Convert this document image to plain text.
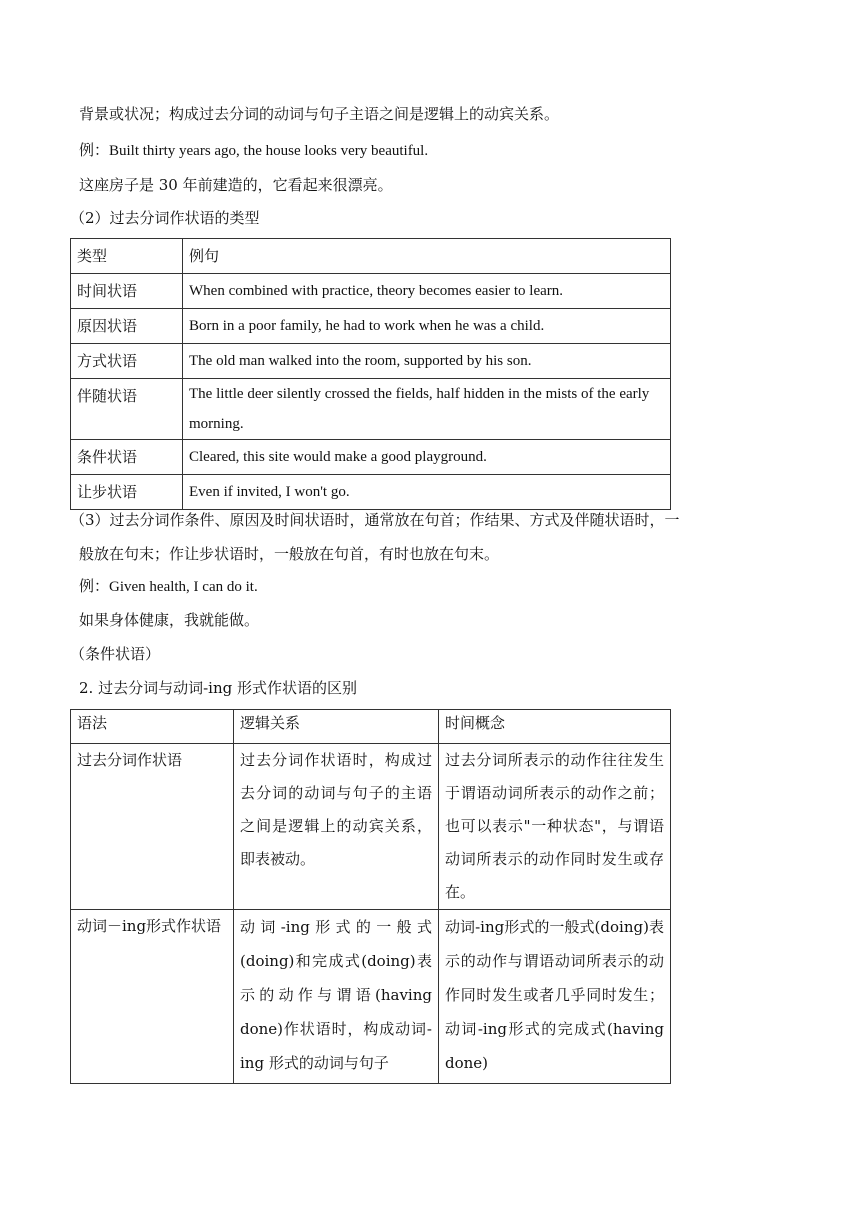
背景或状况；构成过去分词的动词与句子主语之间是逻辑上的动宾关系。
例：Built thirty years ago, the house looks very beautiful.
这座房子是 30 年前建造的，它看起来很漂亮。
（2）过去分词作状语的类型
类型	例句
时间状语	When combined with practice, theory becomes easier to learn.
原因状语	Born in a poor family, he had to work when he was a child.
方式状语	The old man walked into the room, supported by his son.
伴随状语	The little deer silently crossed the fields, half hidden in the mists of the early morning.
条件状语	Cleared, this site would make a good playground.
让步状语	Even if invited, I won't go.
（3）过去分词作条件、原因及时间状语时，通常放在句首；作结果、方式及伴随状语时，一
般放在句末；作让步状语时，一般放在句首，有时也放在句末。
例：Given health, I can do it.
如果身体健康，我就能做。
（条件状语）
2. 过去分词与动词-ing 形式作状语的区别
语法	逻辑关系	时间概念
过去分词作状语	过去分词作状语时，构成过去分词的动词与句子的主语之间是逻辑上的动宾关系，即表被动。	过去分词所表示的动作往往发生于谓语动词所表示的动作之前；也可以表示"一种状态"，与谓语动词所表示的动作同时发生或存在。
动词－ing形式作状语	动词-ing形式的一般式(doing)和完成式(doing)表示的动作与谓语(having done)作状语时，构成动词-ing 形式的动词与句子	动词-ing形式的一般式(doing)表示的动作与谓语动词所表示的动作同时发生或者几乎同时发生；动词-ing形式的完成式(having done)
